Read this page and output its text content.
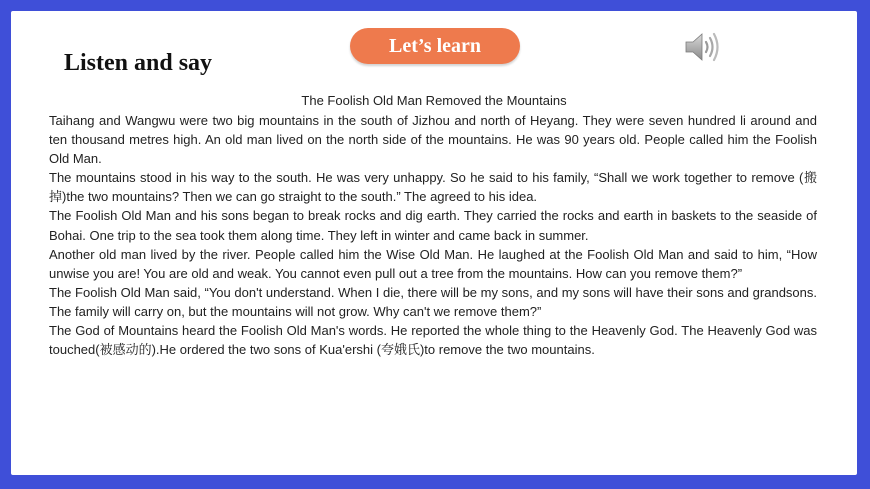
Listen and say
Let’s learn

The Foolish Old Man Removed the Mountains

Taihang and Wangwu were two big mountains in the south of Jizhou and north of Heyang. They were seven hundred li around and ten thousand metres high. An old man lived on the north side of the mountains. He was 90 years old. People called him the Foolish Old Man.

The mountains stood in his way to the south. He was very unhappy. So he said to his family, “Shall we work together to remove (搬掉)the two mountains? Then we can go straight to the south.” The agreed to his idea.

The Foolish Old Man and his sons began to break rocks and dig earth. They carried the rocks and earth in baskets to the seaside of Bohai. One trip to the sea took them along time. They left in winter and came back in summer.

Another old man lived by the river. People called him the Wise Old Man. He laughed at the Foolish Old Man and said to him, “How unwise you are! You are old and weak. You cannot even pull out a tree from the mountains. How can you remove them?”

The Foolish Old Man said, “You don't understand. When I die, there will be my sons, and my sons will have their sons and grandsons. The family will carry on, but the mountains will not grow. Why can't we remove them?”

The God of Mountains heard the Foolish Old Man's words. He reported the whole thing to the Heavenly God. The Heavenly God was touched(被感动的).He ordered the two sons of Kua'ershi (夸娥氏)to remove the two mountains.
